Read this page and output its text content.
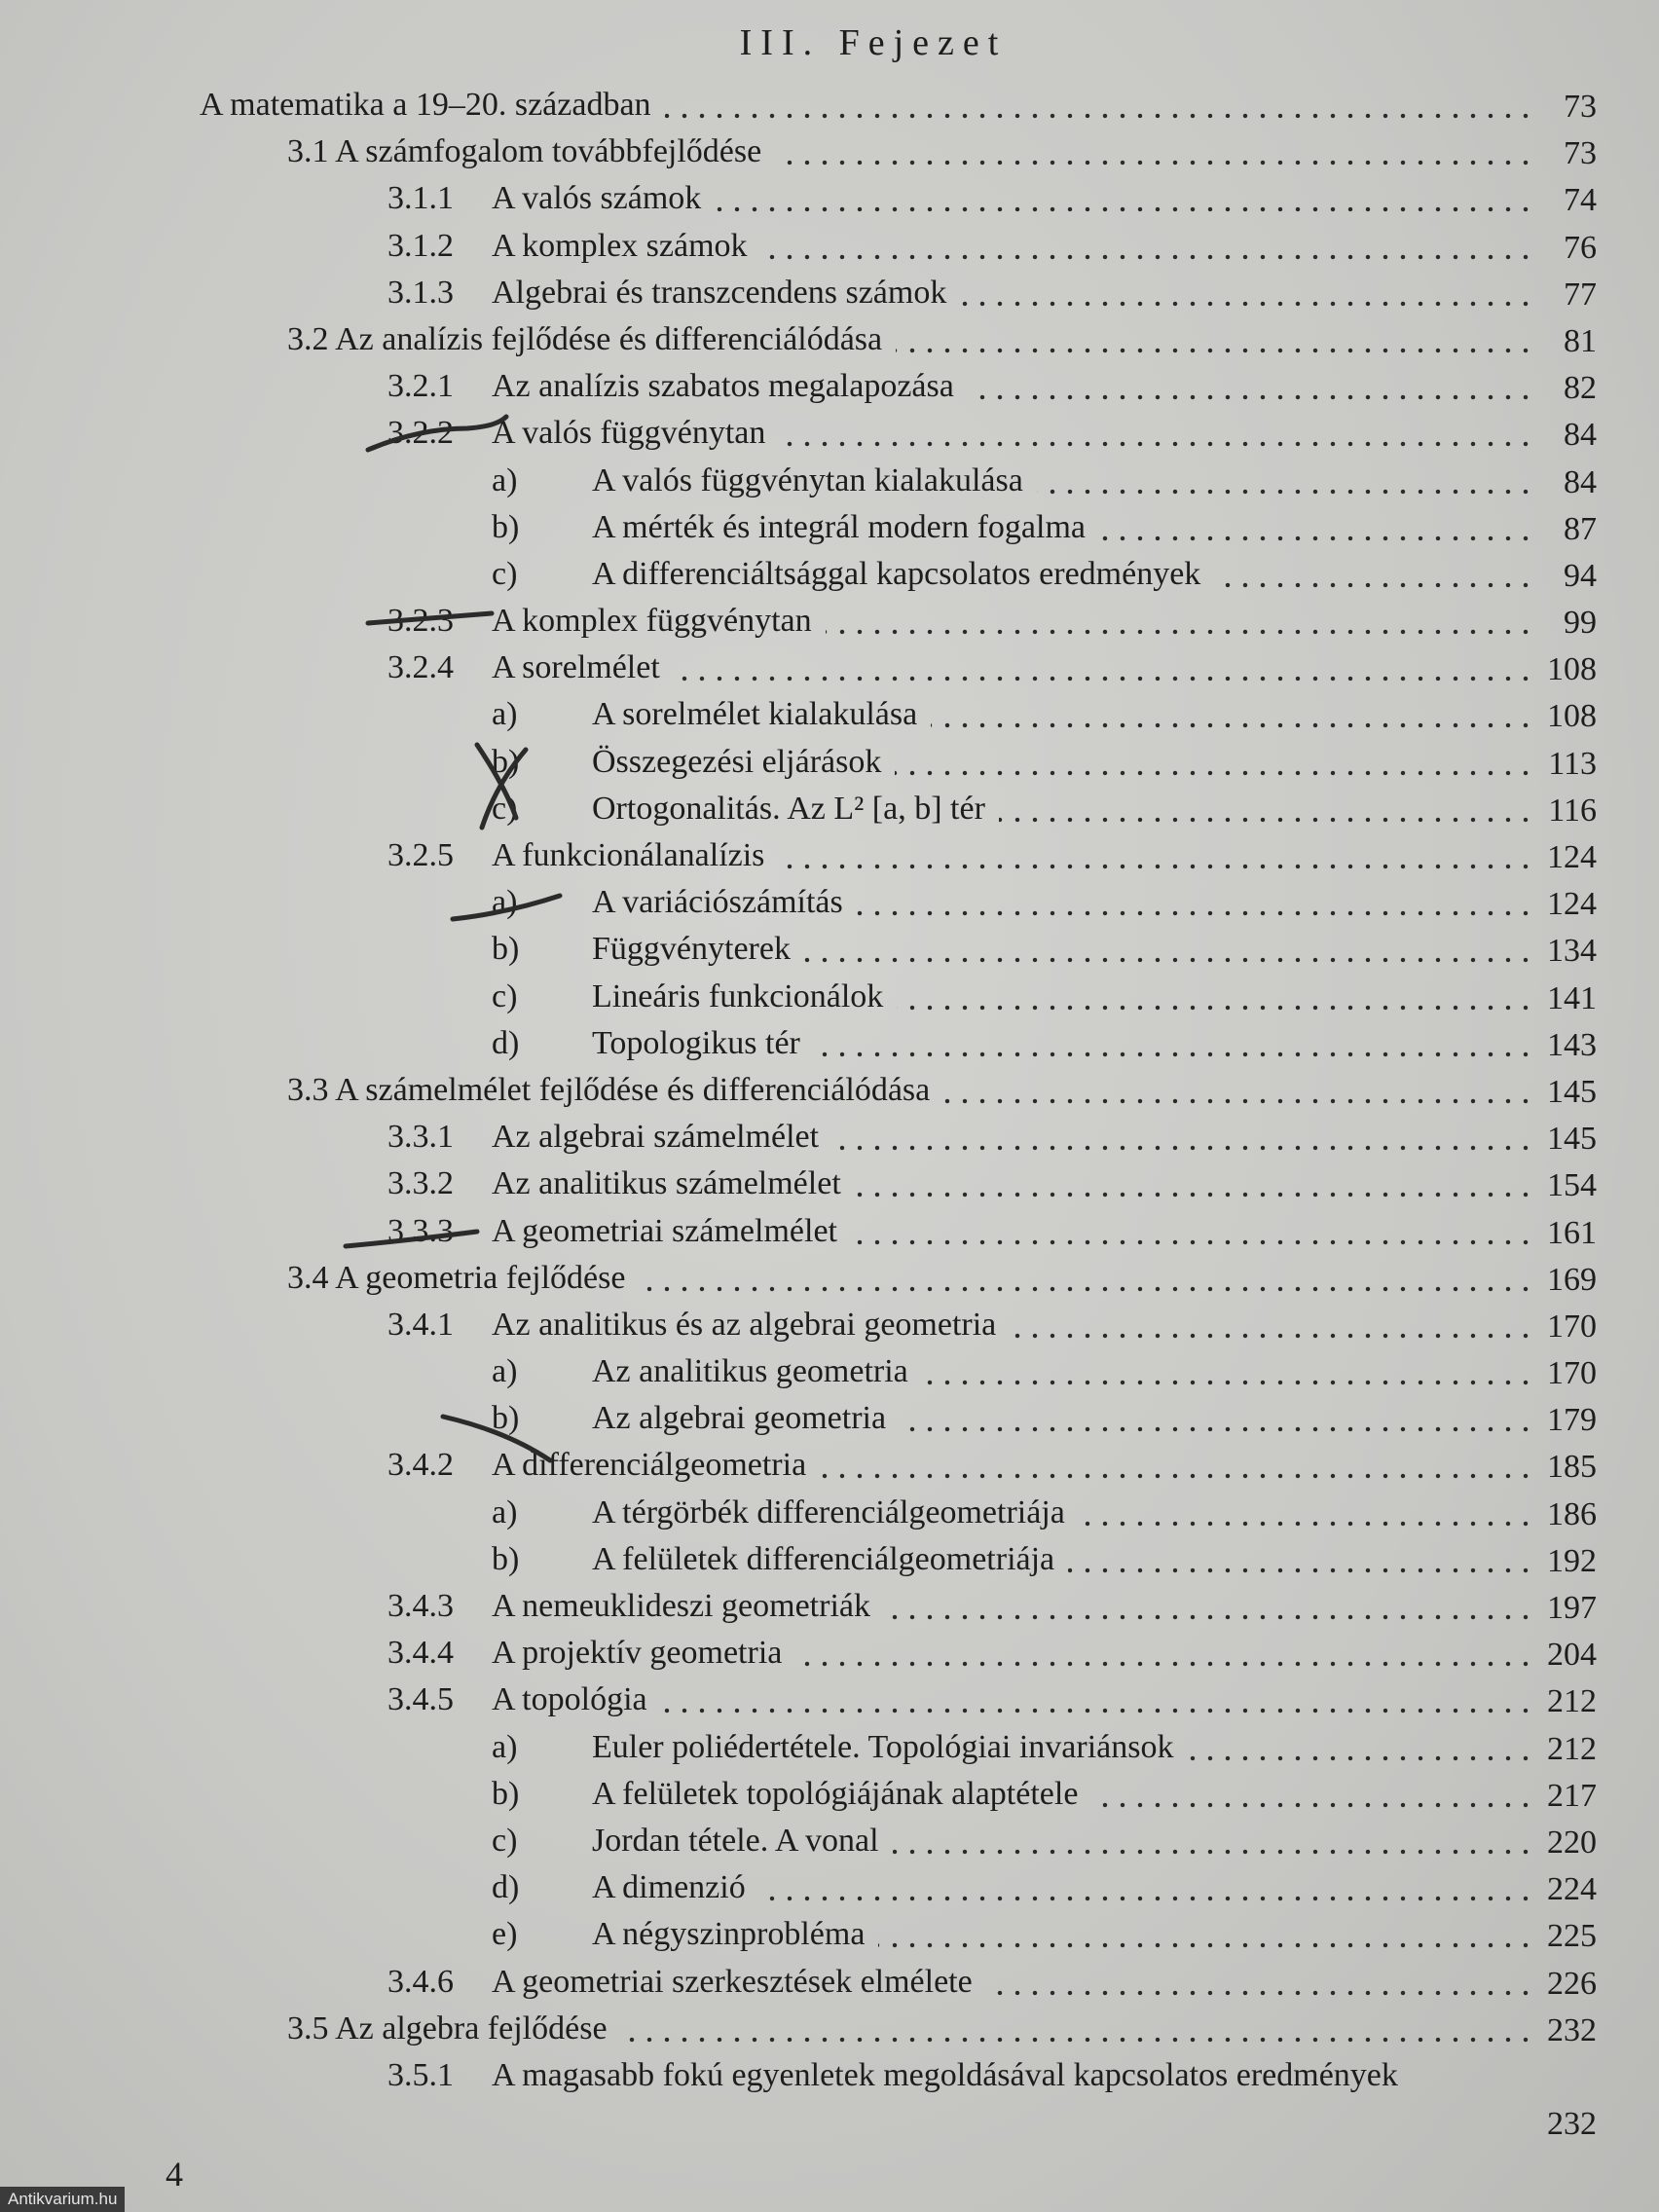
III. Fejezet
A matematika a 19–20. században	73
3.1 A számfogalom továbbfejlődése	73
3.1.1 A valós számok	74
3.1.2 A komplex számok	76
3.1.3 Algebrai és transzcendens számok	77
3.2 Az analízis fejlődése és differenciálódása	81
3.2.1 Az analízis szabatos megalapozása	82
3.2.2 A valós függvénytan	84
a) A valós függvénytan kialakulása	84
b) A mérték és integrál modern fogalma	87
c) A differenciáltsággal kapcsolatos eredmények	94
3.2.3 A komplex függvénytan	99
3.2.4 A sorelmélet	108
a) A sorelmélet kialakulása	108
b) Összegezési eljárások	113
c) Ortogonalitás. Az L² [a, b] tér	116
3.2.5 A funkcionálanalízis	124
a) A variációszámítás	124
b) Függvényterek	134
c) Lineáris funkcionálok	141
d) Topologikus tér	143
3.3 A számelmélet fejlődése és differenciálódása	145
3.3.1 Az algebrai számelmélet	145
3.3.2 Az analitikus számelmélet	154
3.3.3 A geometriai számelmélet	161
3.4 A geometria fejlődése	169
3.4.1 Az analitikus és az algebrai geometria	170
a) Az analitikus geometria	170
b) Az algebrai geometria	179
3.4.2 A differenciálgeometria	185
a) A térgörbék differenciálgeometriája	186
b) A felületek differenciálgeometriája	192
3.4.3 A nemeuklideszi geometriák	197
3.4.4 A projektív geometria	204
3.4.5 A topológia	212
a) Euler poliédertétele. Topológiai invariánsok	212
b) A felületek topológiájának alaptétele	217
c) Jordan tétele. A vonal	220
d) A dimenzió	224
e) A négyszinprobléma	225
3.4.6 A geometriai szerkesztések elmélete	226
3.5 Az algebra fejlődése	232
3.5.1 A magasabb fokú egyenletek megoldásával kapcsolatos eredmények
232
4
Antikvarium.hu
